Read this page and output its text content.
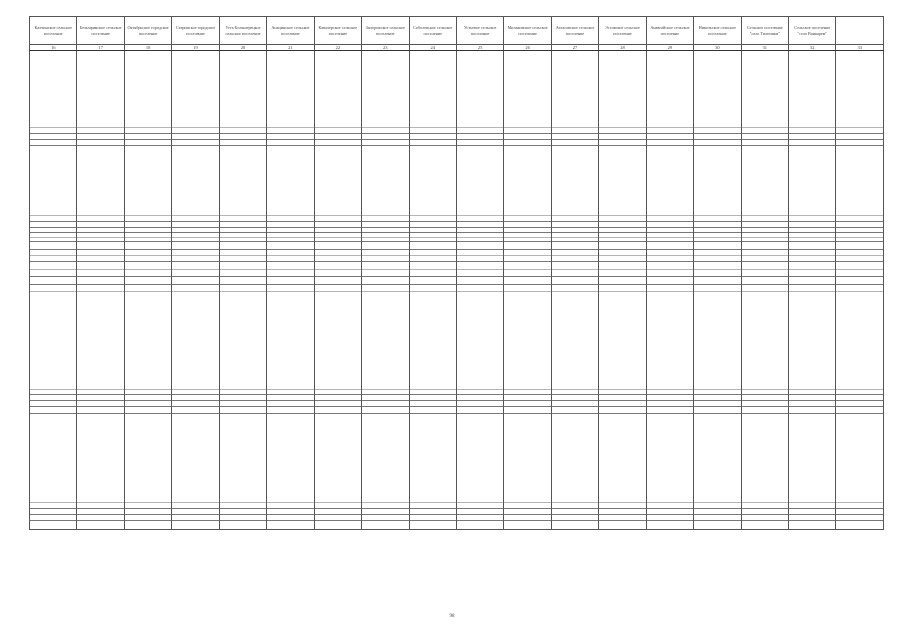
Калчинское сельское поселение	Бельмринское сельское поселение	Октябрьское городское поселение	Старинское городское поселение	Усть-Большерецкое сельское поселение	Апацинское сельское поселение	Кавалерское сельское поселение	Запорожское сельское поселение	Соболевское сельское поселение	Устьевое сельское поселение	Мильковское сельское поселение	Атласовское сельское поселение	Эссовское сельское поселение	Анавгайское сельское поселение	Никольское сельское поселение	Сельское поселение "село Тиличики"	Сельское поселение "село Ванкарем"	
16	17	18	19	20	21	22	23	24	25	26	27	28	29	30	31	32	33

98
